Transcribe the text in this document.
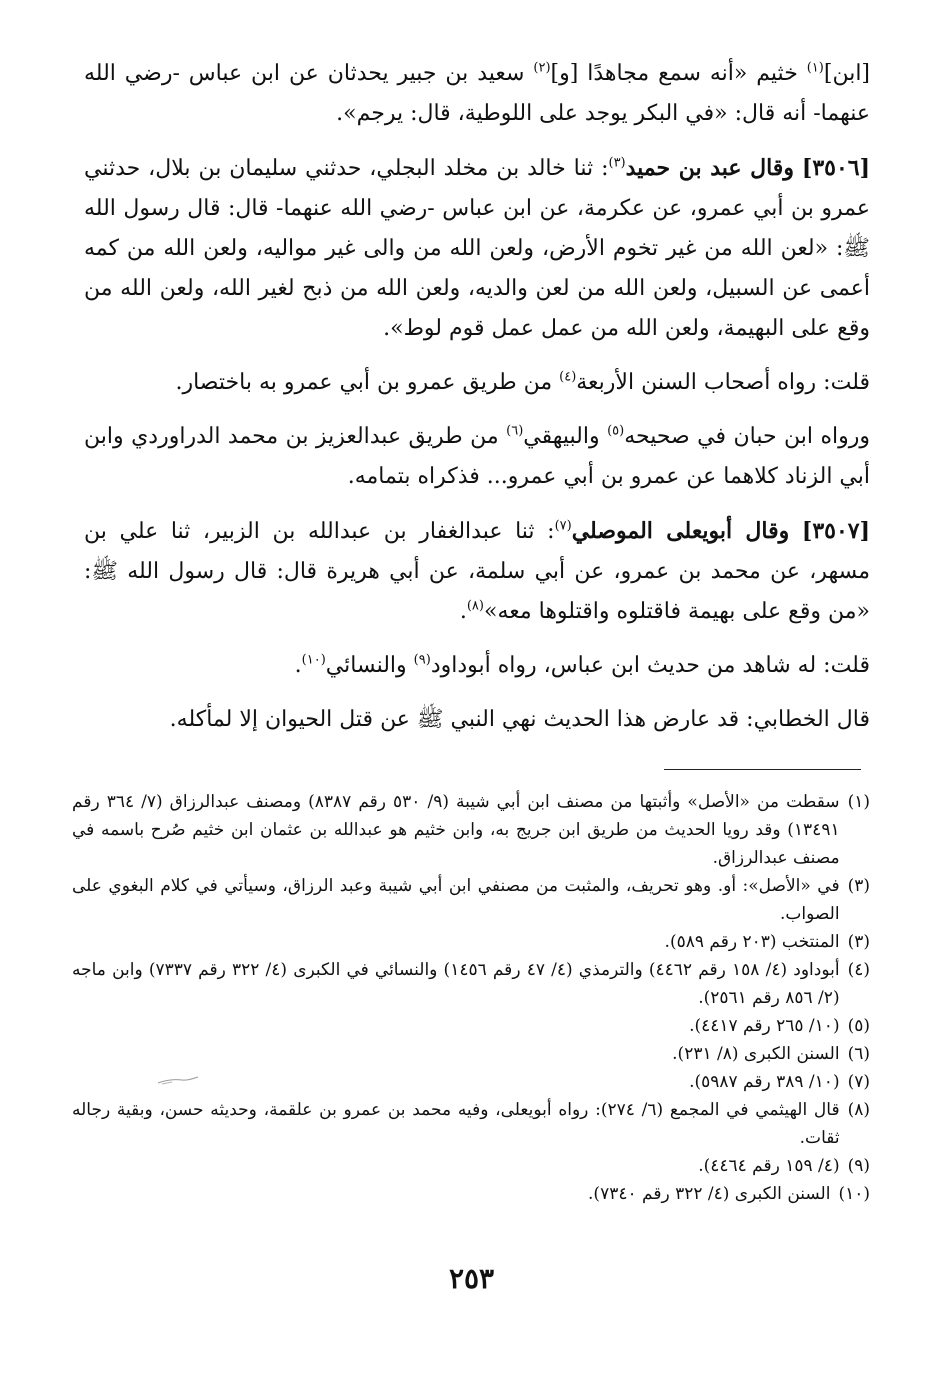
[ابن]$^{(١)}$ خثيم «أنه سمع مجاهدًا [و]$^{(٢)}$ سعيد بن جبير يحدثان عن ابن عباس -رضي الله عنهما- أنه قال: «في البكر يوجد على اللوطية، قال: يرجم».

[٣٥٠٦] وقال عبد بن حميد$^{(٣)}$: ثنا خالد بن مخلد البجلي، حدثني سليمان بن بلال، حدثني عمرو بن أبي عمرو، عن عكرمة، عن ابن عباس -رضي الله عنهما- قال: قال رسول الله ﷺ: «لعن الله من غير تخوم الأرض، ولعن الله من والى غير مواليه، ولعن الله من كمه أعمى عن السبيل، ولعن الله من لعن والديه، ولعن الله من ذبح لغير الله، ولعن الله من وقع على البهيمة، ولعن الله من عمل عمل قوم لوط».

قلت: رواه أصحاب السنن الأربعة$^{(٤)}$ من طريق عمرو بن أبي عمرو به باختصار.

ورواه ابن حبان في صحيحه$^{(٥)}$ والبيهقي$^{(٦)}$ من طريق عبدالعزيز بن محمد الدراوردي وابن أبي الزناد كلاهما عن عمرو بن أبي عمرو... فذكراه بتمامه.

[٣٥٠٧] وقال أبويعلى الموصلي$^{(٧)}$: ثنا عبدالغفار بن عبدالله بن الزبير، ثنا علي بن مسهر، عن محمد بن عمرو، عن أبي سلمة، عن أبي هريرة قال: قال رسول الله ﷺ: «من وقع على بهيمة فاقتلوه واقتلوها معه»$^{(٨)}$.

قلت: له شاهد من حديث ابن عباس، رواه أبوداود$^{(٩)}$ والنسائي$^{(١٠)}$.

قال الخطابي: قد عارض هذا الحديث نهي النبي ﷺ عن قتل الحيوان إلا لمأكله.

(١)
سقطت من «الأصل» وأثبتها من مصنف ابن أبي شيبة (٩/ ٥٣٠ رقم ٨٣٨٧) ومصنف عبدالرزاق (٧/ ٣٦٤ رقم ١٣٤٩١) وقد رويا الحديث من طريق ابن جريج به، وابن خثيم هو عبدالله بن عثمان ابن خثيم صُرح باسمه في مصنف عبدالرزاق.
(٣)
في «الأصل»: أو. وهو تحريف، والمثبت من مصنفي ابن أبي شيبة وعبد الرزاق، وسيأتي في كلام البغوي على الصواب.
(٣)
المنتخب (٢٠٣ رقم ٥٨٩).
(٤)
أبوداود (٤/ ١٥٨ رقم ٤٤٦٢) والترمذي (٤/ ٤٧ رقم ١٤٥٦) والنسائي في الكبرى (٤/ ٣٢٢ رقم ٧٣٣٧) وابن ماجه (٢/ ٨٥٦ رقم ٢٥٦١).
(٥)
(١٠/ ٢٦٥ رقم ٤٤١٧).
(٦)
السنن الكبرى (٨/ ٢٣١).
(٧)
(١٠/ ٣٨٩ رقم ٥٩٨٧).
(٨)
قال الهيثمي في المجمع (٦/ ٢٧٤): رواه أبويعلى، وفيه محمد بن عمرو بن علقمة، وحديثه حسن، وبقية رجاله ثقات.
(٩)
(٤/ ١٥٩ رقم ٤٤٦٤).
(١٠)
السنن الكبرى (٤/ ٣٢٢ رقم ٧٣٤٠).
٢٥٣
